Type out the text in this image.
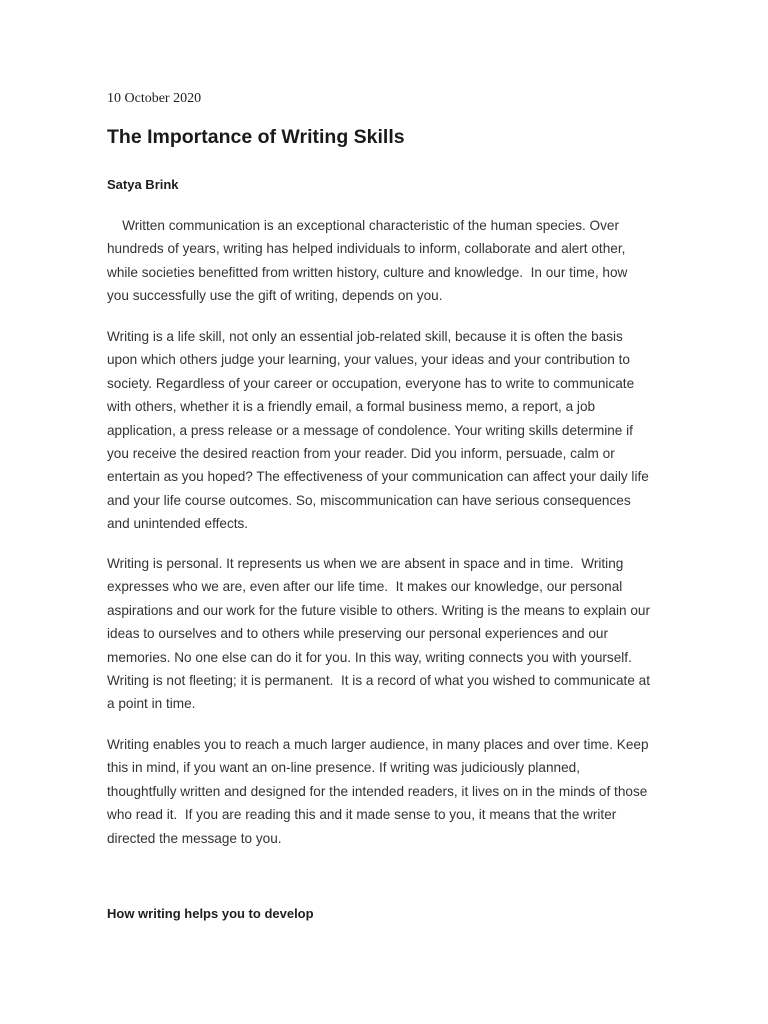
10 October 2020

The Importance of Writing Skills

Satya Brink

Written communication is an exceptional characteristic of the human species. Over
hundreds of years, writing has helped individuals to inform, collaborate and alert other,
while societies benefitted from written history, culture and knowledge.  In our time, how
you successfully use the gift of writing, depends on you.

Writing is a life skill, not only an essential job-related skill, because it is often the basis
upon which others judge your learning, your values, your ideas and your contribution to
society. Regardless of your career or occupation, everyone has to write to communicate
with others, whether it is a friendly email, a formal business memo, a report, a job
application, a press release or a message of condolence. Your writing skills determine if
you receive the desired reaction from your reader. Did you inform, persuade, calm or
entertain as you hoped? The effectiveness of your communication can affect your daily life
and your life course outcomes. So, miscommunication can have serious consequences
and unintended effects.

Writing is personal. It represents us when we are absent in space and in time.  Writing
expresses who we are, even after our life time.  It makes our knowledge, our personal
aspirations and our work for the future visible to others. Writing is the means to explain our
ideas to ourselves and to others while preserving our personal experiences and our
memories. No one else can do it for you. In this way, writing connects you with yourself.
Writing is not fleeting; it is permanent.  It is a record of what you wished to communicate at
a point in time.

Writing enables you to reach a much larger audience, in many places and over time. Keep
this in mind, if you want an on-line presence. If writing was judiciously planned,
thoughtfully written and designed for the intended readers, it lives on in the minds of those
who read it.  If you are reading this and it made sense to you, it means that the writer
directed the message to you.

How writing helps you to develop
